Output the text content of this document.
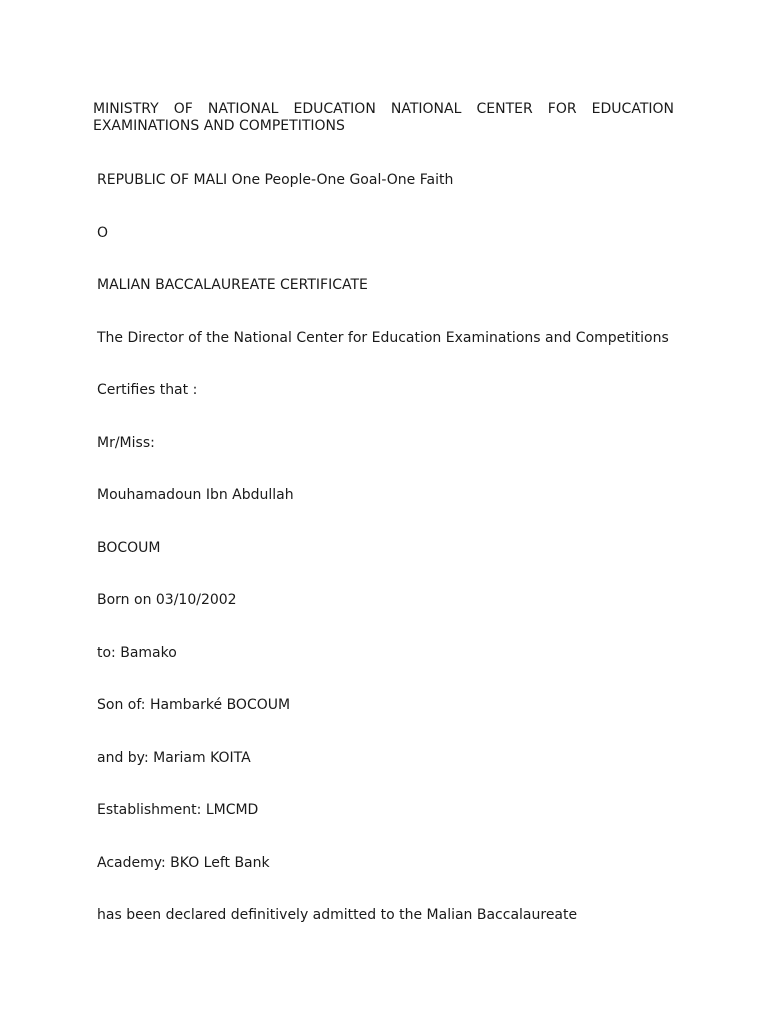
MINISTRY OF NATIONAL EDUCATION NATIONAL CENTER FOR EDUCATION EXAMINATIONS AND COMPETITIONS
REPUBLIC OF MALI One People-One Goal-One Faith
O
MALIAN BACCALAUREATE CERTIFICATE
The Director of the National Center for Education Examinations and Competitions
Certifies that :
Mr/Miss:
Mouhamadoun Ibn Abdullah
BOCOUM
Born on 03/10/2002
to: Bamako
Son of: Hambarké BOCOUM
and by: Mariam KOITA
Establishment: LMCMD
Academy: BKO Left Bank
has been declared definitively admitted to the Malian Baccalaureate
